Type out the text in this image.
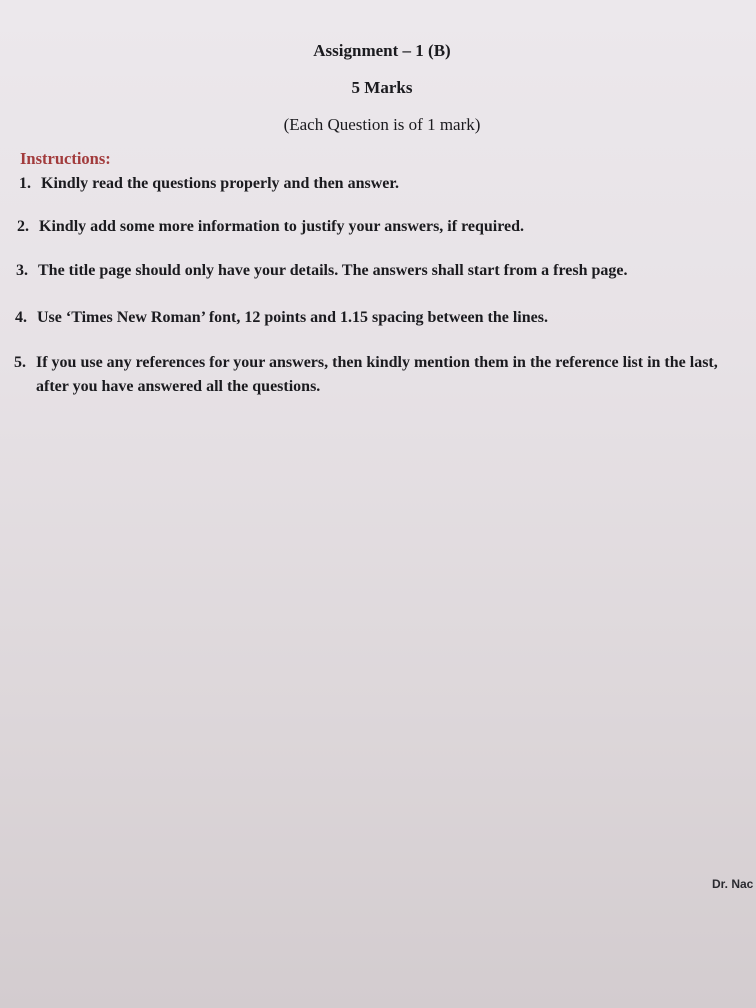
Assignment – 1 (B)
5 Marks
(Each Question is of 1 mark)
Instructions:
1. Kindly read the questions properly and then answer.
2. Kindly add some more information to justify your answers, if required.
3. The title page should only have your details. The answers shall start from a fresh page.
4. Use ‘Times New Roman’ font, 12 points and 1.15 spacing between the lines.
5. If you use any references for your answers, then kindly mention them in the reference list in the last, after you have answered all the questions.
Dr. Nac
